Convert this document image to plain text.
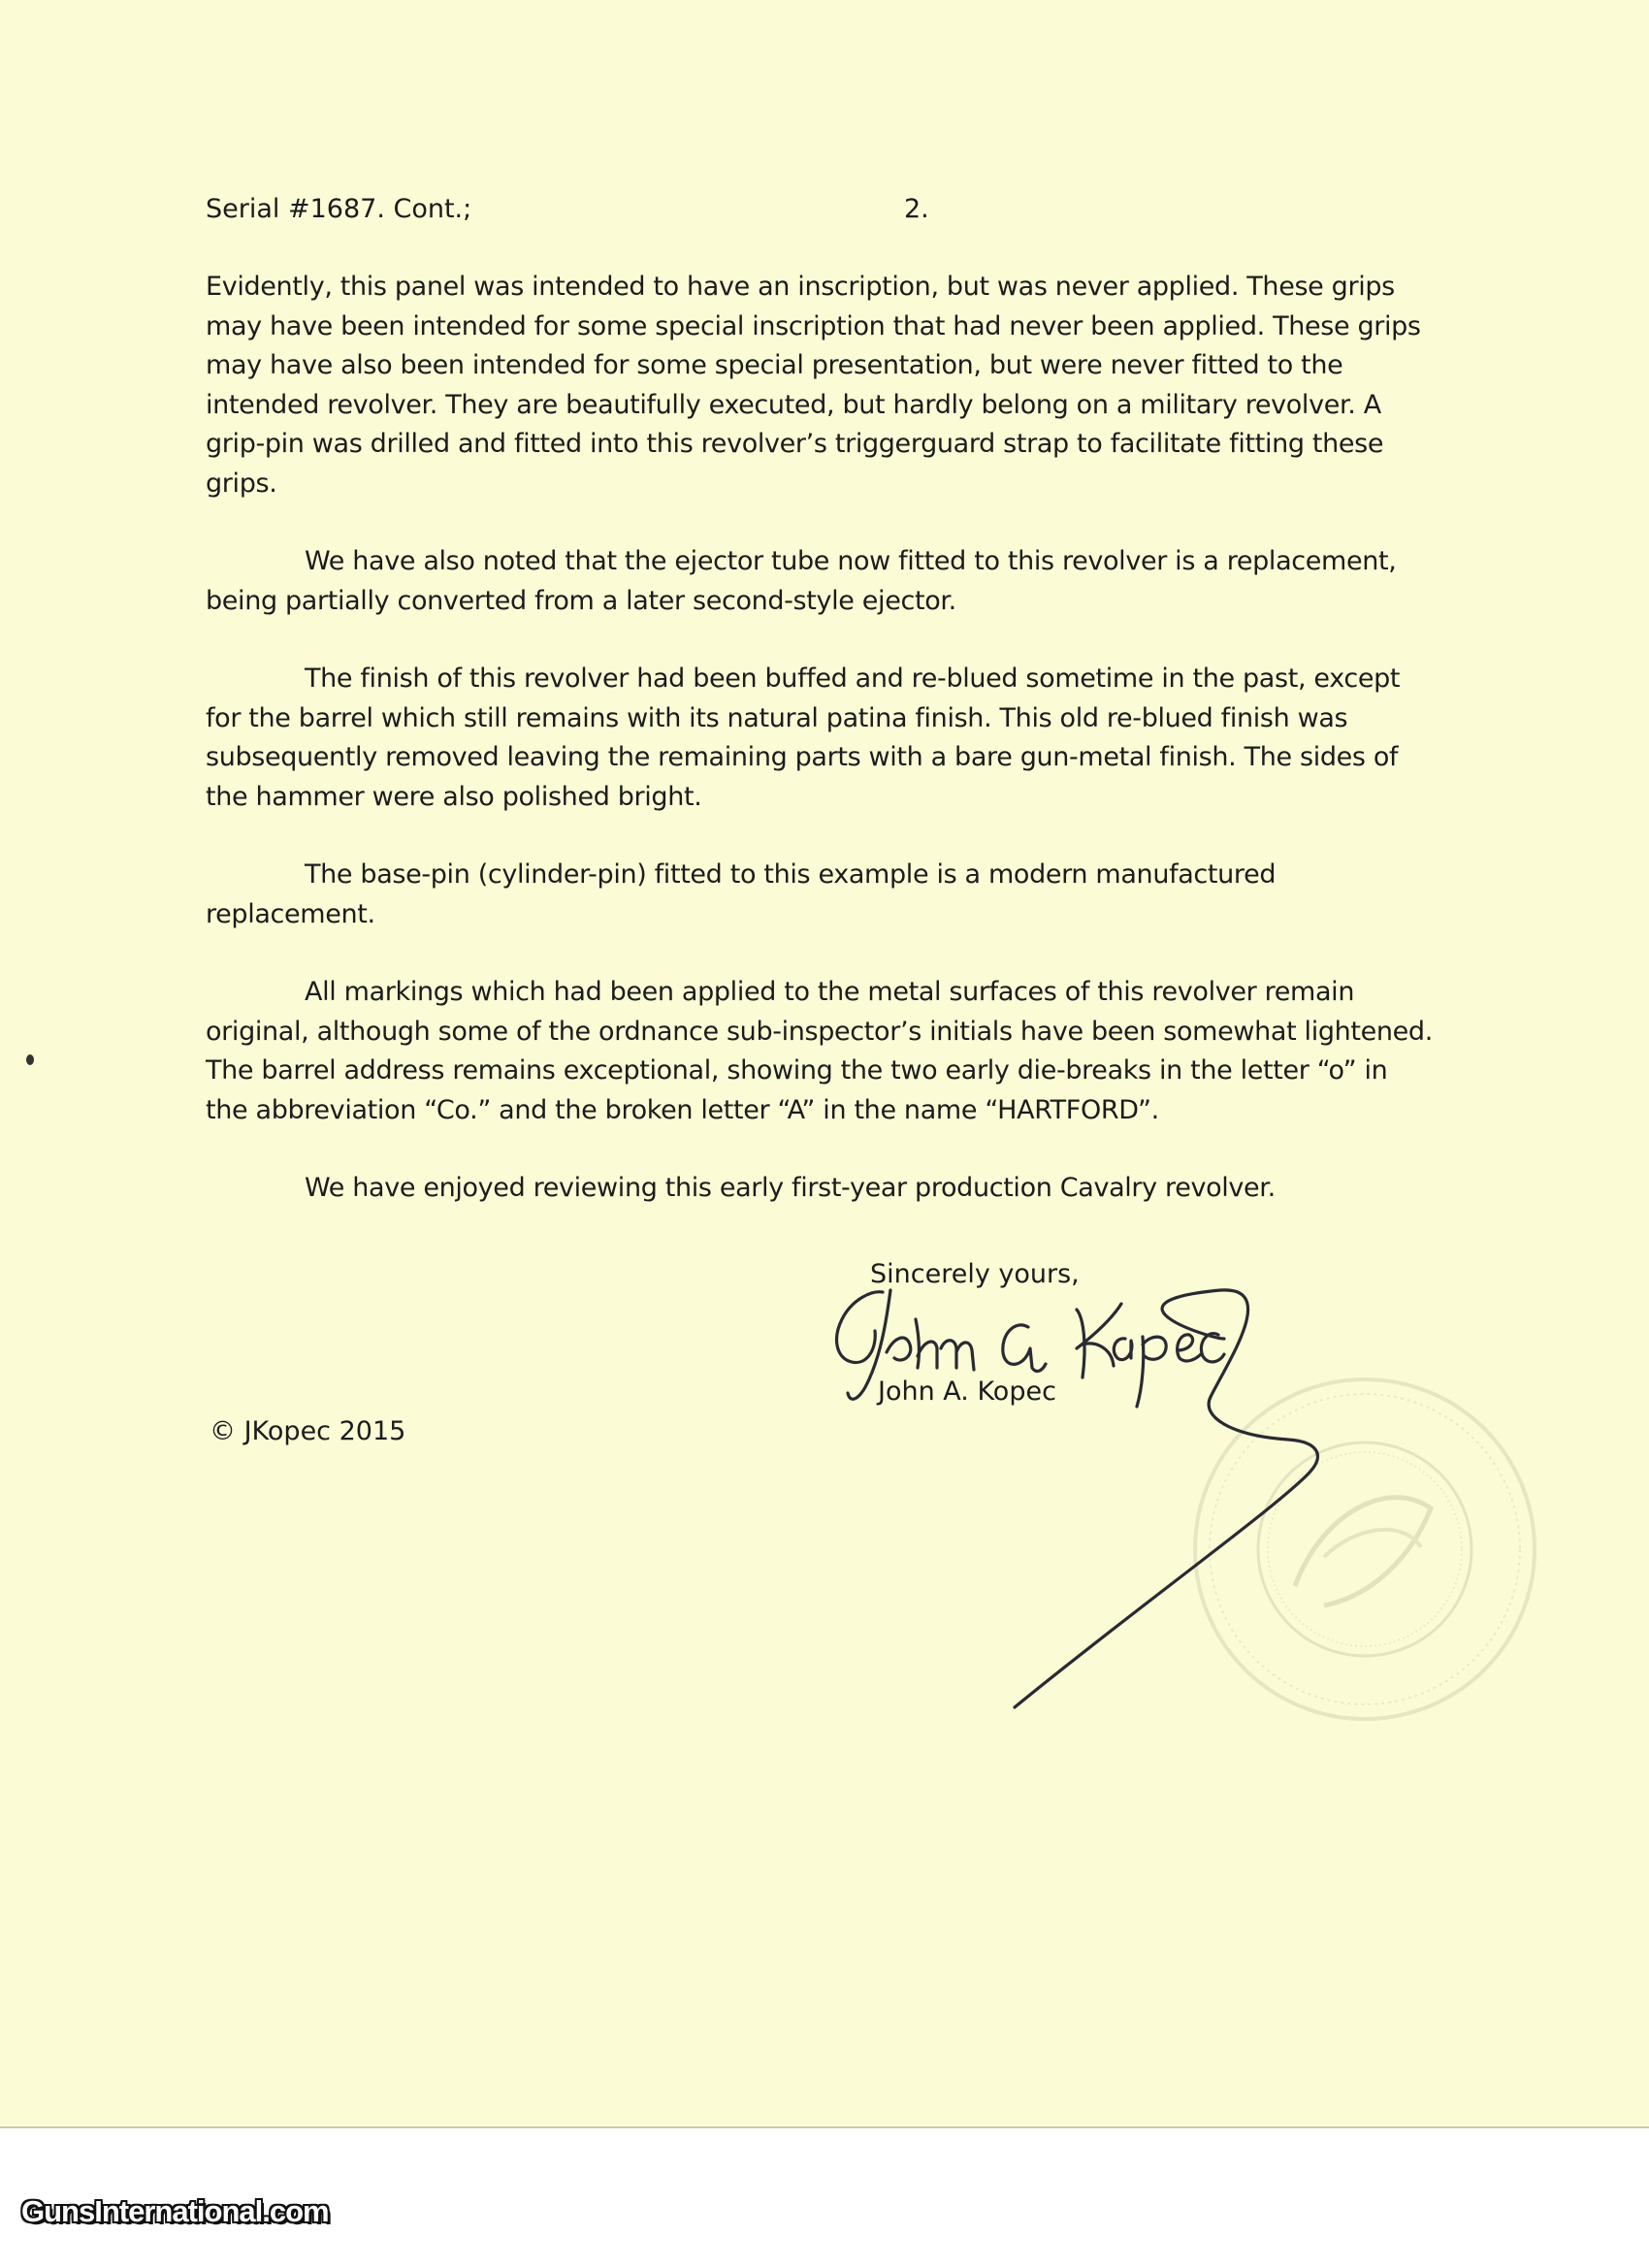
Serial #1687. Cont.;	2.

Evidently, this panel was intended to have an inscription, but was never applied. These grips
may have been intended for some special inscription that had never been applied. These grips
may have also been intended for some special presentation, but were never fitted to the
intended revolver. They are beautifully executed, but hardly belong on a military revolver. A
grip-pin was drilled and fitted into this revolver’s triggerguard strap to facilitate fitting these
grips.

We have also noted that the ejector tube now fitted to this revolver is a replacement,
being partially converted from a later second-style ejector.

The finish of this revolver had been buffed and re-blued sometime in the past, except
for the barrel which still remains with its natural patina finish. This old re-blued finish was
subsequently removed leaving the remaining parts with a bare gun-metal finish. The sides of
the hammer were also polished bright.

The base-pin (cylinder-pin) fitted to this example is a modern manufactured
replacement.

All markings which had been applied to the metal surfaces of this revolver remain
original, although some of the ordnance sub-inspector’s initials have been somewhat lightened.
The barrel address remains exceptional, showing the two early die-breaks in the letter “o” in
the abbreviation “Co.” and the broken letter “A” in the name “HARTFORD”.

We have enjoyed reviewing this early first-year production Cavalry revolver.

Sincerely yours,
John A. Kopec
© JKopec 2015
GunsInternational.com
